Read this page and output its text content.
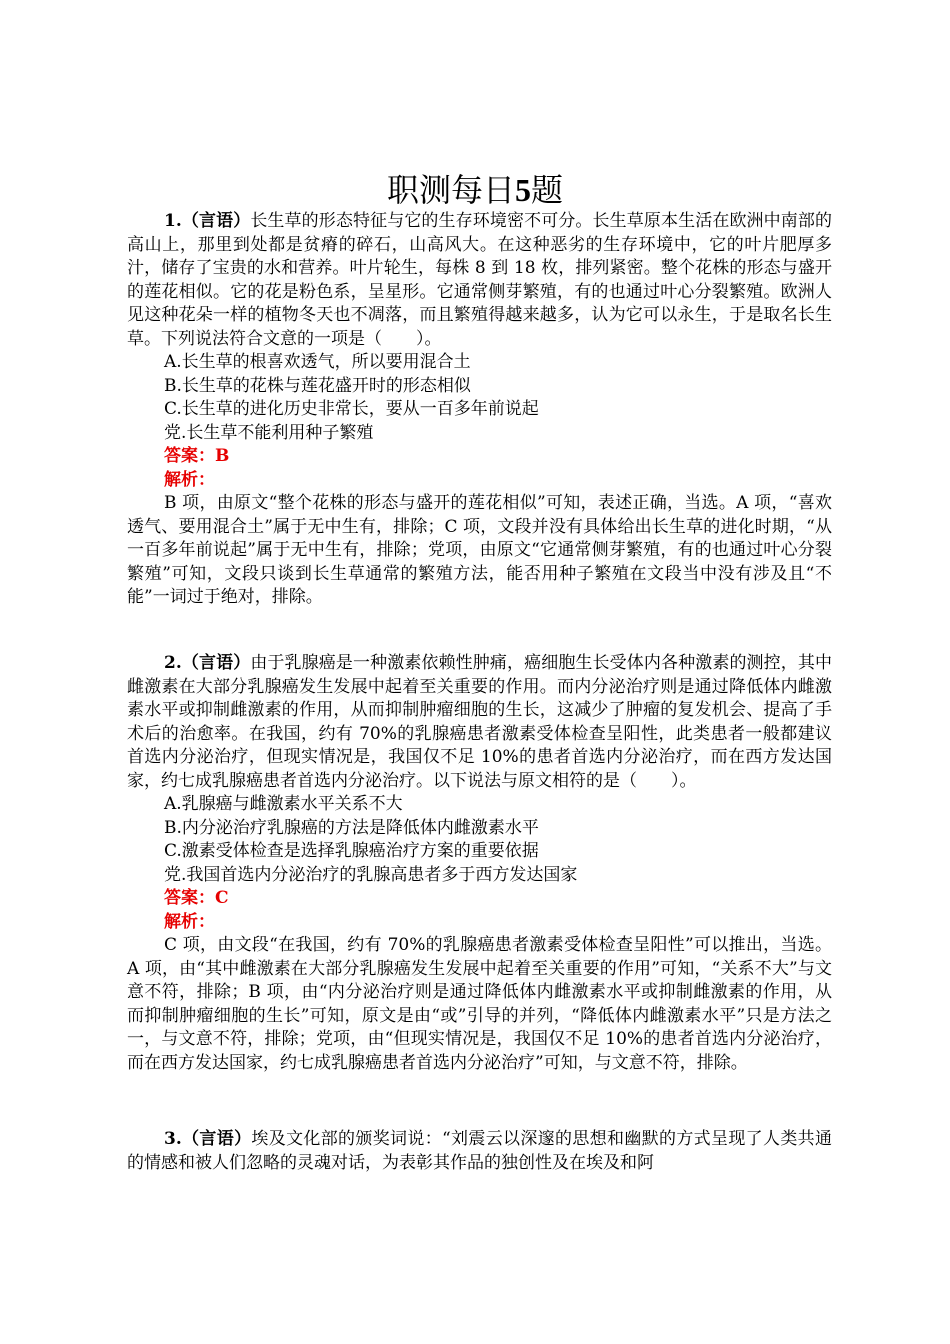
职测每日5题

1.（言语）长生草的形态特征与它的生存环境密不可分。长生草原本生活在欧洲中南部的高山上，那里到处都是贫瘠的碎石，山高风大。在这种恶劣的生存环境中，它的叶片肥厚多汁，储存了宝贵的水和营养。叶片轮生，每株 8 到 18 枚，排列紧密。整个花株的形态与盛开的莲花相似。它的花是粉色系，呈星形。它通常侧芽繁殖，有的也通过叶心分裂繁殖。欧洲人见这种花朵一样的植物冬天也不凋落，而且繁殖得越来越多，认为它可以永生，于是取名长生草。下列说法符合文意的一项是（　　）。

A.长生草的根喜欢透气，所以要用混合土

B.长生草的花株与莲花盛开时的形态相似

C.长生草的进化历史非常长，要从一百多年前说起

党.长生草不能利用种子繁殖

答案：B

解析：

B 项，由原文“整个花株的形态与盛开的莲花相似”可知，表述正确，当选。A 项，“喜欢透气、要用混合土”属于无中生有，排除；C 项，文段并没有具体给出长生草的进化时期，“从一百多年前说起”属于无中生有，排除；党项，由原文“它通常侧芽繁殖，有的也通过叶心分裂繁殖”可知，文段只谈到长生草通常的繁殖方法，能否用种子繁殖在文段当中没有涉及且“不能”一词过于绝对，排除。

2.（言语）由于乳腺癌是一种激素依赖性肿痛，癌细胞生长受体内各种激素的测控，其中雌激素在大部分乳腺癌发生发展中起着至关重要的作用。而内分泌治疗则是通过降低体内雌激素水平或抑制雌激素的作用，从而抑制肿瘤细胞的生长，这减少了肿瘤的复发机会、提高了手术后的治愈率。在我国，约有 70%的乳腺癌患者激素受体检查呈阳性，此类患者一般都建议首选内分泌治疗，但现实情况是，我国仅不足 10%的患者首选内分泌治疗，而在西方发达国家，约七成乳腺癌患者首选内分泌治疗。以下说法与原文相符的是（　　）。

A.乳腺癌与雌激素水平关系不大

B.内分泌治疗乳腺癌的方法是降低体内雌激素水平

C.激素受体检查是选择乳腺癌治疗方案的重要依据

党.我国首选内分泌治疗的乳腺高患者多于西方发达国家

答案：C

解析：

C 项，由文段“在我国，约有 70%的乳腺癌患者激素受体检查呈阳性”可以推出，当选。A 项，由“其中雌激素在大部分乳腺癌发生发展中起着至关重要的作用”可知，“关系不大”与文意不符，排除；B 项，由“内分泌治疗则是通过降低体内雌激素水平或抑制雌激素的作用，从而抑制肿瘤细胞的生长”可知，原文是由“或”引导的并列，“降低体内雌激素水平”只是方法之一，与文意不符，排除；党项，由“但现实情况是，我国仅不足 10%的患者首选内分泌治疗，而在西方发达国家，约七成乳腺癌患者首选内分泌治疗”可知，与文意不符，排除。

3.（言语）埃及文化部的颁奖词说：“刘震云以深邃的思想和幽默的方式呈现了人类共通的情感和被人们忽略的灵魂对话，为表彰其作品的独创性及在埃及和阿
